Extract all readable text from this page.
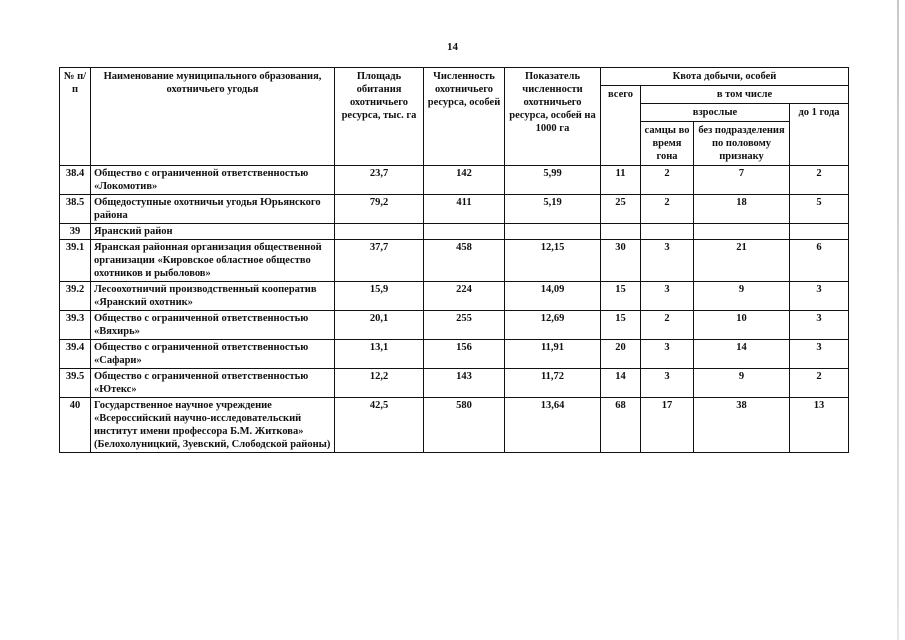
14
№ п/п	Наименование муниципального образования, охотничьего угодья	Площадь обитания охотничьего ресурса, тыс. га	Численность охотничьего ресурса, особей	Показатель численности охотничьего ресурса, особей на 1000 га	Квота добычи, особей			
					всего	в том числе		
						взрослые		до 1 года
						самцы во время гона	без подразделения по половому признаку	
38.4	Общество с ограниченной ответственностью «Локомотив»	23,7	142	5,99	11	2	7	2
38.5	Общедоступные охотничьи угодья Юрьянского района	79,2	411	5,19	25	2	18	5
39	Яранский район							
39.1	Яранская районная организация общественной организации «Кировское областное общество охотников и рыболовов»	37,7	458	12,15	30	3	21	6
39.2	Лесоохотничий производственный кооператив «Яранский охотник»	15,9	224	14,09	15	3	9	3
39.3	Общество с ограниченной ответственностью «Вяхирь»	20,1	255	12,69	15	2	10	3
39.4	Общество с ограниченной ответственностью «Сафари»	13,1	156	11,91	20	3	14	3
39.5	Общество с ограниченной ответственностью «Ютекс»	12,2	143	11,72	14	3	9	2
40	Государственное научное учреждение «Всероссийский научно-исследовательский институт имени профессора Б.М. Житкова» (Белохолуницкий, Зуевский, Слободской районы)	42,5	580	13,64	68	17	38	13
